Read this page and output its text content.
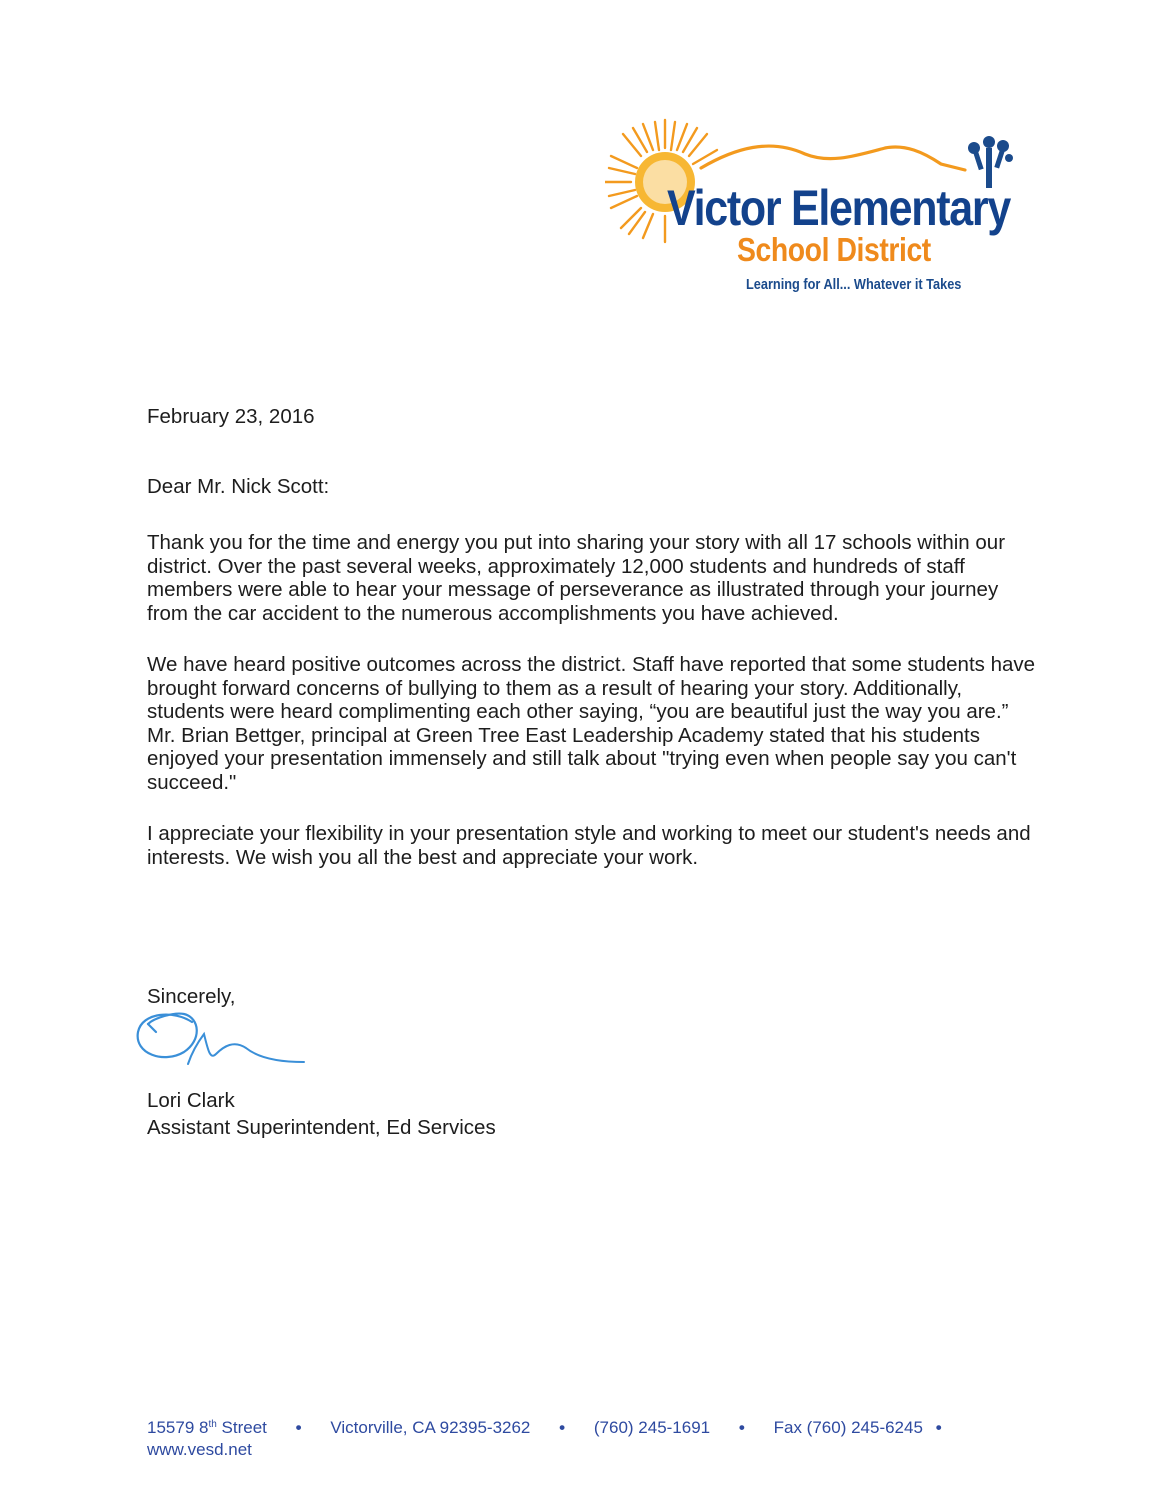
Victor Elementary
School District
Learning for All... Whatever it Takes

February 23, 2016

Dear Mr. Nick Scott:

Thank you for the time and energy you put into sharing your story with all 17 schools within our district. Over the past several weeks, approximately 12,000 students and hundreds of staff members were able to hear your message of perseverance as illustrated through your journey from the car accident to the numerous accomplishments you have achieved.

We have heard positive outcomes across the district. Staff have reported that some students have brought forward concerns of bullying to them as a result of hearing your story. Additionally, students were heard complimenting each other saying, “you are beautiful just the way you are.” Mr. Brian Bettger, principal at Green Tree East Leadership Academy stated that his students enjoyed your presentation immensely and still talk about "trying even when people say you can't succeed."

I appreciate your flexibility in your presentation style and working to meet our student's needs and interests. We wish you all the best and appreciate your work.

Sincerely,

Lori Clark

Assistant Superintendent, Ed Services

15579 8th Street • Victorville, CA 92395-3262 • (760) 245-1691 • Fax (760) 245-6245 •
www.vesd.net
